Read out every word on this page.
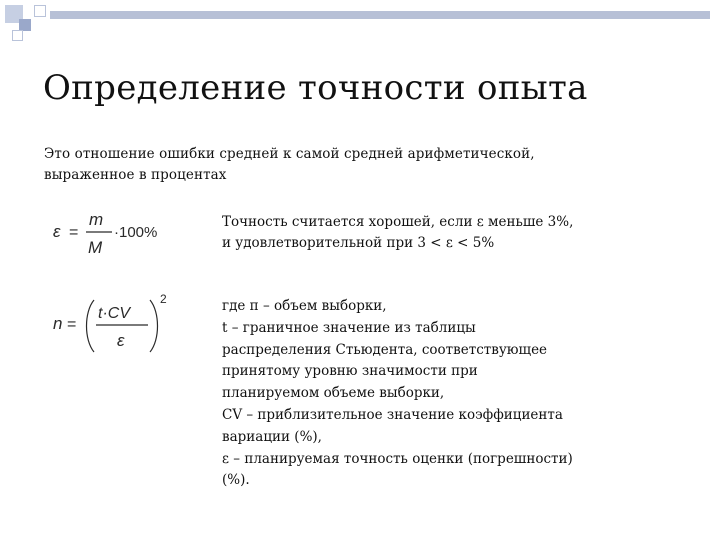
Определение точности опыта

Это отношение ошибки средней к самой средней арифметической,
выраженное в процентах

ε =
m
M
·100%

Точность считается хорошей, если ε меньше 3%,
и удовлетворительной при 3 < ε < 5%

n =
t·CV
ε
2	где п – объем выборки,
t – граничное значение из таблицы
распределения Стьюдента, соответствующее
принятому уровню значимости при
планируемом объеме выборки,
CV – приблизительное значение коэффициента
вариации (%),
ε – планируемая точность оценки (погрешности)
(%).
